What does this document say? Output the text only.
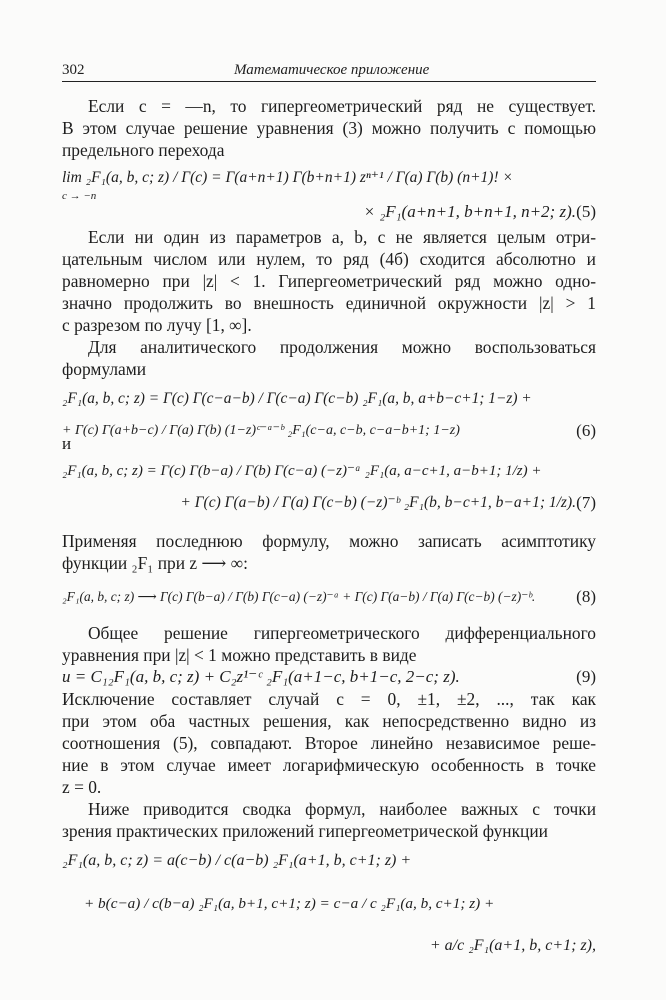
302	Математическое приложение

Если c = —n, то гипергеометрический ряд не существует.

В этом случае решение уравнения (3) можно получить с помощью

предельного перехода

lim ₂F₁(a, b, c; z) / Γ(c) = Γ(a+n+1) Γ(b+n+1) zⁿ⁺¹ / Γ(a) Γ(b) (n+1)! ×
c → −n
× ₂F₁(a+n+1, b+n+1, n+2; z). (5)

Если ни один из параметров a, b, c не является целым отри-

цательным числом или нулем, то ряд (4б) сходится абсолютно и

равномерно при |z| < 1. Гипергеометрический ряд можно одно-

значно продолжить во внешность единичной окружности |z| > 1

с разрезом по лучу [1, ∞].

Для аналитического продолжения можно воспользоваться

формулами

₂F₁(a, b, c; z) = Γ(c) Γ(c−a−b) / Γ(c−a) Γ(c−b) ₂F₁(a, b, a+b−c+1; 1−z) +
+ Γ(c) Γ(a+b−c) / Γ(a) Γ(b) (1−z)ᶜ⁻ᵃ⁻ᵇ ₂F₁(c−a, c−b, c−a−b+1; 1−z)	(6)
и
₂F₁(a, b, c; z) = Γ(c) Γ(b−a) / Γ(b) Γ(c−a) (−z)⁻ᵃ ₂F₁(a, a−c+1, a−b+1; 1/z) +
+ Γ(c) Γ(a−b) / Γ(a) Γ(c−b) (−z)⁻ᵇ ₂F₁(b, b−c+1, b−a+1; 1/z). (7)

Применяя последнюю формулу, можно записать асимптотику

функции ₂F₁ при z ⟶ ∞:

₂F₁(a, b, c; z) ⟶ Γ(c) Γ(b−a) / Γ(b) Γ(c−a) (−z)⁻ᵃ + Γ(c) Γ(a−b) / Γ(a) Γ(c−b) (−z)⁻ᵇ. (8)

Общее решение гипергеометрического дифференциального

уравнения при |z| < 1 можно представить в виде

u = C₁₂F₁(a, b, c; z) + C₂z¹⁻ᶜ ₂F₁(a+1−c, b+1−c, 2−c; z).	(9)

Исключение составляет случай c = 0, ±1, ±2, ..., так как

при этом оба частных решения, как непосредственно видно из

соотношения (5), совпадают. Второе линейно независимое реше-

ние в этом случае имеет логарифмическую особенность в точке

z = 0.

Ниже приводится сводка формул, наиболее важных с точки

зрения практических приложений гипергеометрической функции

₂F₁(a, b, c; z) = a(c−b) / c(a−b) ₂F₁(a+1, b, c+1; z) +
+ b(c−a) / c(b−a) ₂F₁(a, b+1, c+1; z) = c−a / c ₂F₁(a, b, c+1; z) +
+ a/c ₂F₁(a+1, b, c+1; z),
